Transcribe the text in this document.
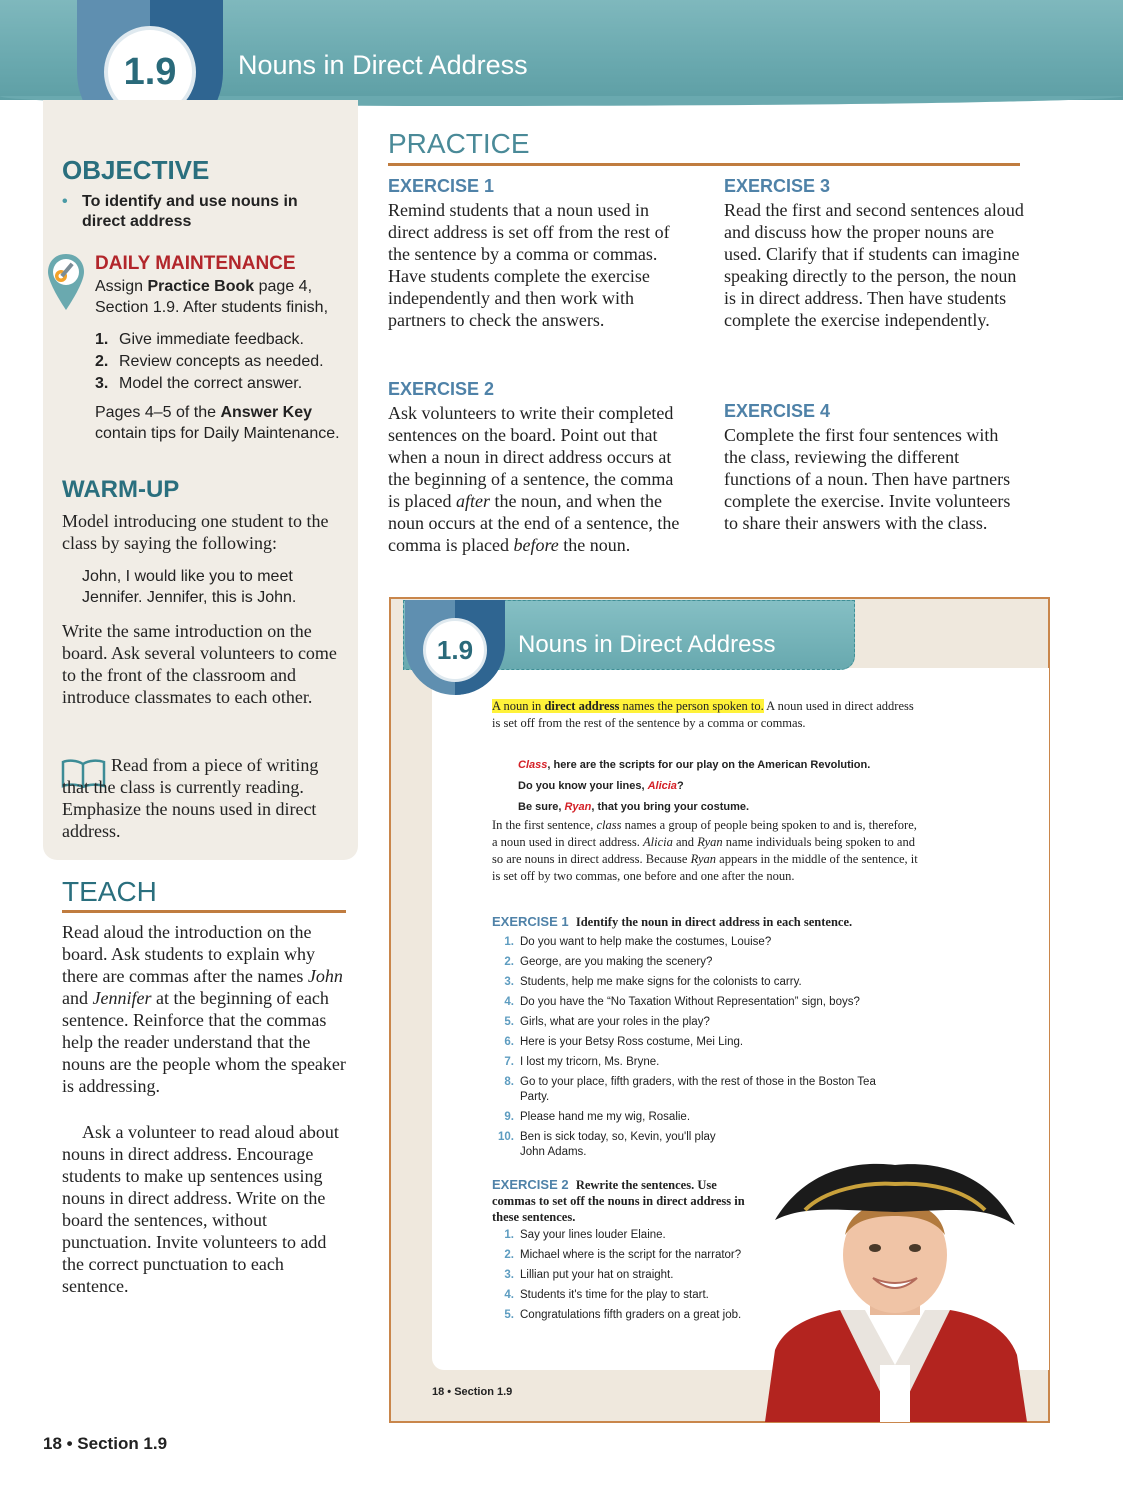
1.9	Nouns in Direct Address
OBJECTIVE
• To identify and use nouns in direct address
DAILY MAINTENANCE
Assign Practice Book page 4, Section 1.9. After students finish,
1. Give immediate feedback.
2. Review concepts as needed.
3. Model the correct answer.
Pages 4–5 of the Answer Key contain tips for Daily Maintenance.
WARM-UP
Model introducing one student to the class by saying the following:
John, I would like you to meet Jennifer. Jennifer, this is John.
Write the same introduction on the board. Ask several volunteers to come to the front of the classroom and introduce classmates to each other.
Read from a piece of writing that the class is currently reading. Emphasize the nouns used in direct address.
TEACH
Read aloud the introduction on the board. Ask students to explain why there are commas after the names John and Jennifer at the beginning of each sentence. Reinforce that the commas help the reader understand that the nouns are the people whom the speaker is addressing.
Ask a volunteer to read aloud about nouns in direct address. Encourage students to make up sentences using nouns in direct address. Write on the board the sentences, without punctuation. Invite volunteers to add the correct punctuation to each sentence.
PRACTICE
EXERCISE 1
Remind students that a noun used in direct address is set off from the rest of the sentence by a comma or commas. Have students complete the exercise independently and then work with partners to check the answers.
EXERCISE 2
Ask volunteers to write their completed sentences on the board. Point out that when a noun in direct address occurs at the beginning of a sentence, the comma is placed after the noun, and when the noun occurs at the end of a sentence, the comma is placed before the noun.
EXERCISE 3
Read the first and second sentences aloud and discuss how the proper nouns are used. Clarify that if students can imagine speaking directly to the person, the noun is in direct address. Then have students complete the exercise independently.
EXERCISE 4
Complete the first four sentences with the class, reviewing the different functions of a noun. Then have partners complete the exercise. Invite volunteers to share their answers with the class.
1.9	Nouns in Direct Address
A noun in direct address names the person spoken to. A noun used in direct address is set off from the rest of the sentence by a comma or commas.
Class, here are the scripts for our play on the American Revolution.
Do you know your lines, Alicia?
Be sure, Ryan, that you bring your costume.
In the first sentence, class names a group of people being spoken to and is, therefore, a noun used in direct address. Alicia and Ryan name individuals being spoken to and so are nouns in direct address. Because Ryan appears in the middle of the sentence, it is set off by two commas, one before and one after the noun.
EXERCISE 1 Identify the noun in direct address in each sentence.
1. Do you want to help make the costumes, Louise?
2. George, are you making the scenery?
3. Students, help me make signs for the colonists to carry.
4. Do you have the “No Taxation Without Representation” sign, boys?
5. Girls, what are your roles in the play?
6. Here is your Betsy Ross costume, Mei Ling.
7. I lost my tricorn, Ms. Bryne.
8. Go to your place, fifth graders, with the rest of those in the Boston Tea Party.
9. Please hand me my wig, Rosalie.
10. Ben is sick today, so, Kevin, you'll play John Adams.
EXERCISE 2 Rewrite the sentences. Use commas to set off the nouns in direct address in these sentences.
1. Say your lines louder Elaine.
2. Michael where is the script for the narrator?
3. Lillian put your hat on straight.
4. Students it's time for the play to start.
5. Congratulations fifth graders on a great job.
18 • Section 1.9
18 • Section 1.9
